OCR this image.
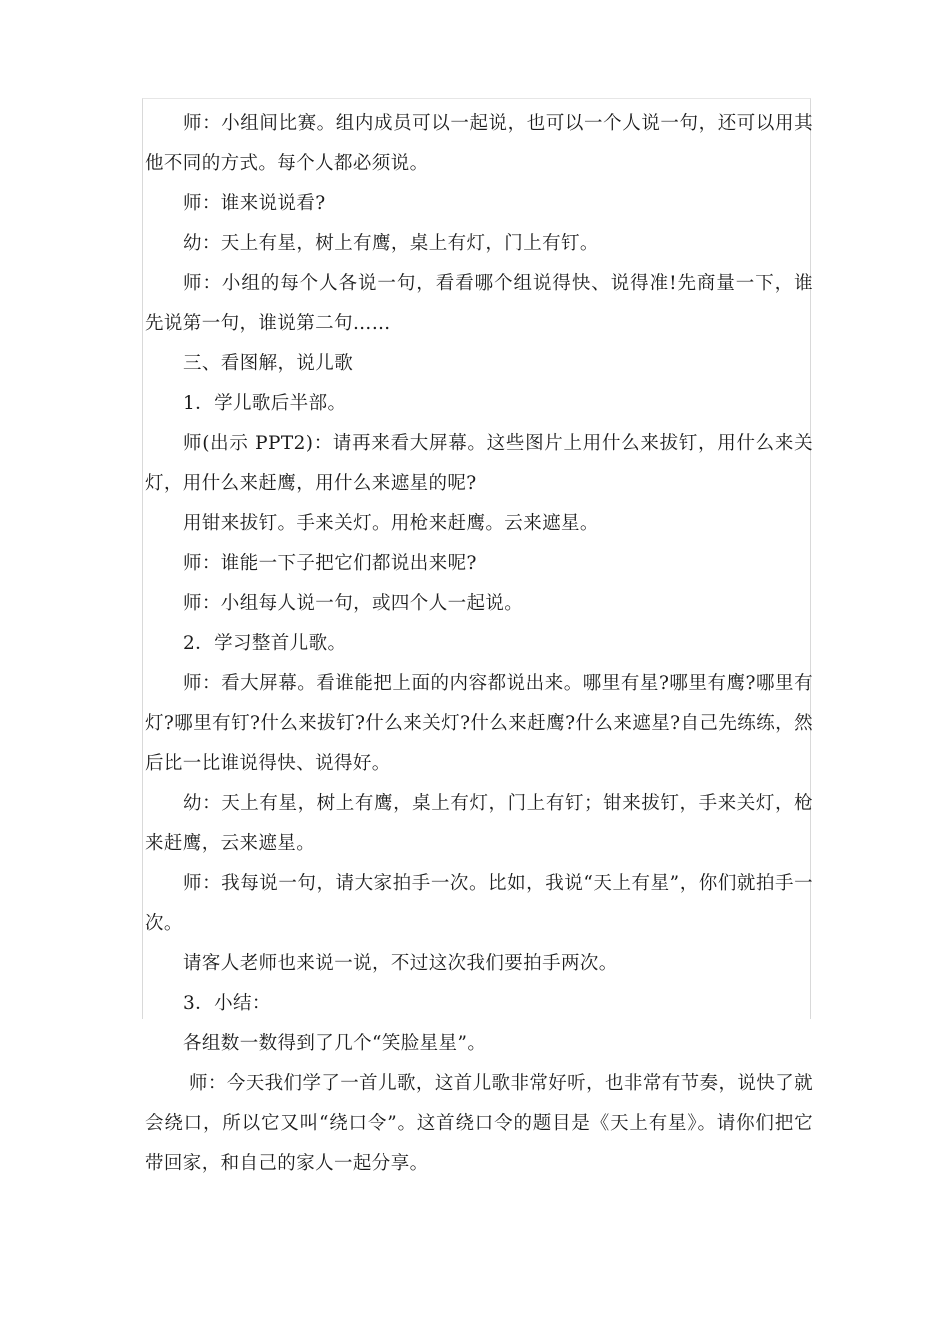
师：小组间比赛。组内成员可以一起说，也可以一个人说一句，还可以用其他不同的方式。每个人都必须说。

师：谁来说说看?

幼：天上有星，树上有鹰，桌上有灯，门上有钉。

师：小组的每个人各说一句，看看哪个组说得快、说得准!先商量一下，谁先说第一句，谁说第二句……

三、看图解，说儿歌

1．学儿歌后半部。

师(出示 PPT2)：请再来看大屏幕。这些图片上用什么来拔钉，用什么来关灯，用什么来赶鹰，用什么来遮星的呢?

用钳来拔钉。手来关灯。用枪来赶鹰。云来遮星。

师：谁能一下子把它们都说出来呢?

师：小组每人说一句，或四个人一起说。

2．学习整首儿歌。

师：看大屏幕。看谁能把上面的内容都说出来。哪里有星?哪里有鹰?哪里有灯?哪里有钉?什么来拔钉?什么来关灯?什么来赶鹰?什么来遮星?自己先练练，然后比一比谁说得快、说得好。

幼：天上有星，树上有鹰，桌上有灯，门上有钉；钳来拔钉，手来关灯，枪来赶鹰，云来遮星。

师：我每说一句，请大家拍手一次。比如，我说“天上有星”，你们就拍手一次。

请客人老师也来说一说，不过这次我们要拍手两次。

3．小结：

各组数一数得到了几个“笑脸星星”。

师：今天我们学了一首儿歌，这首儿歌非常好听，也非常有节奏，说快了就会绕口，所以它又叫“绕口令”。这首绕口令的题目是《天上有星》。请你们把它带回家，和自己的家人一起分享。
